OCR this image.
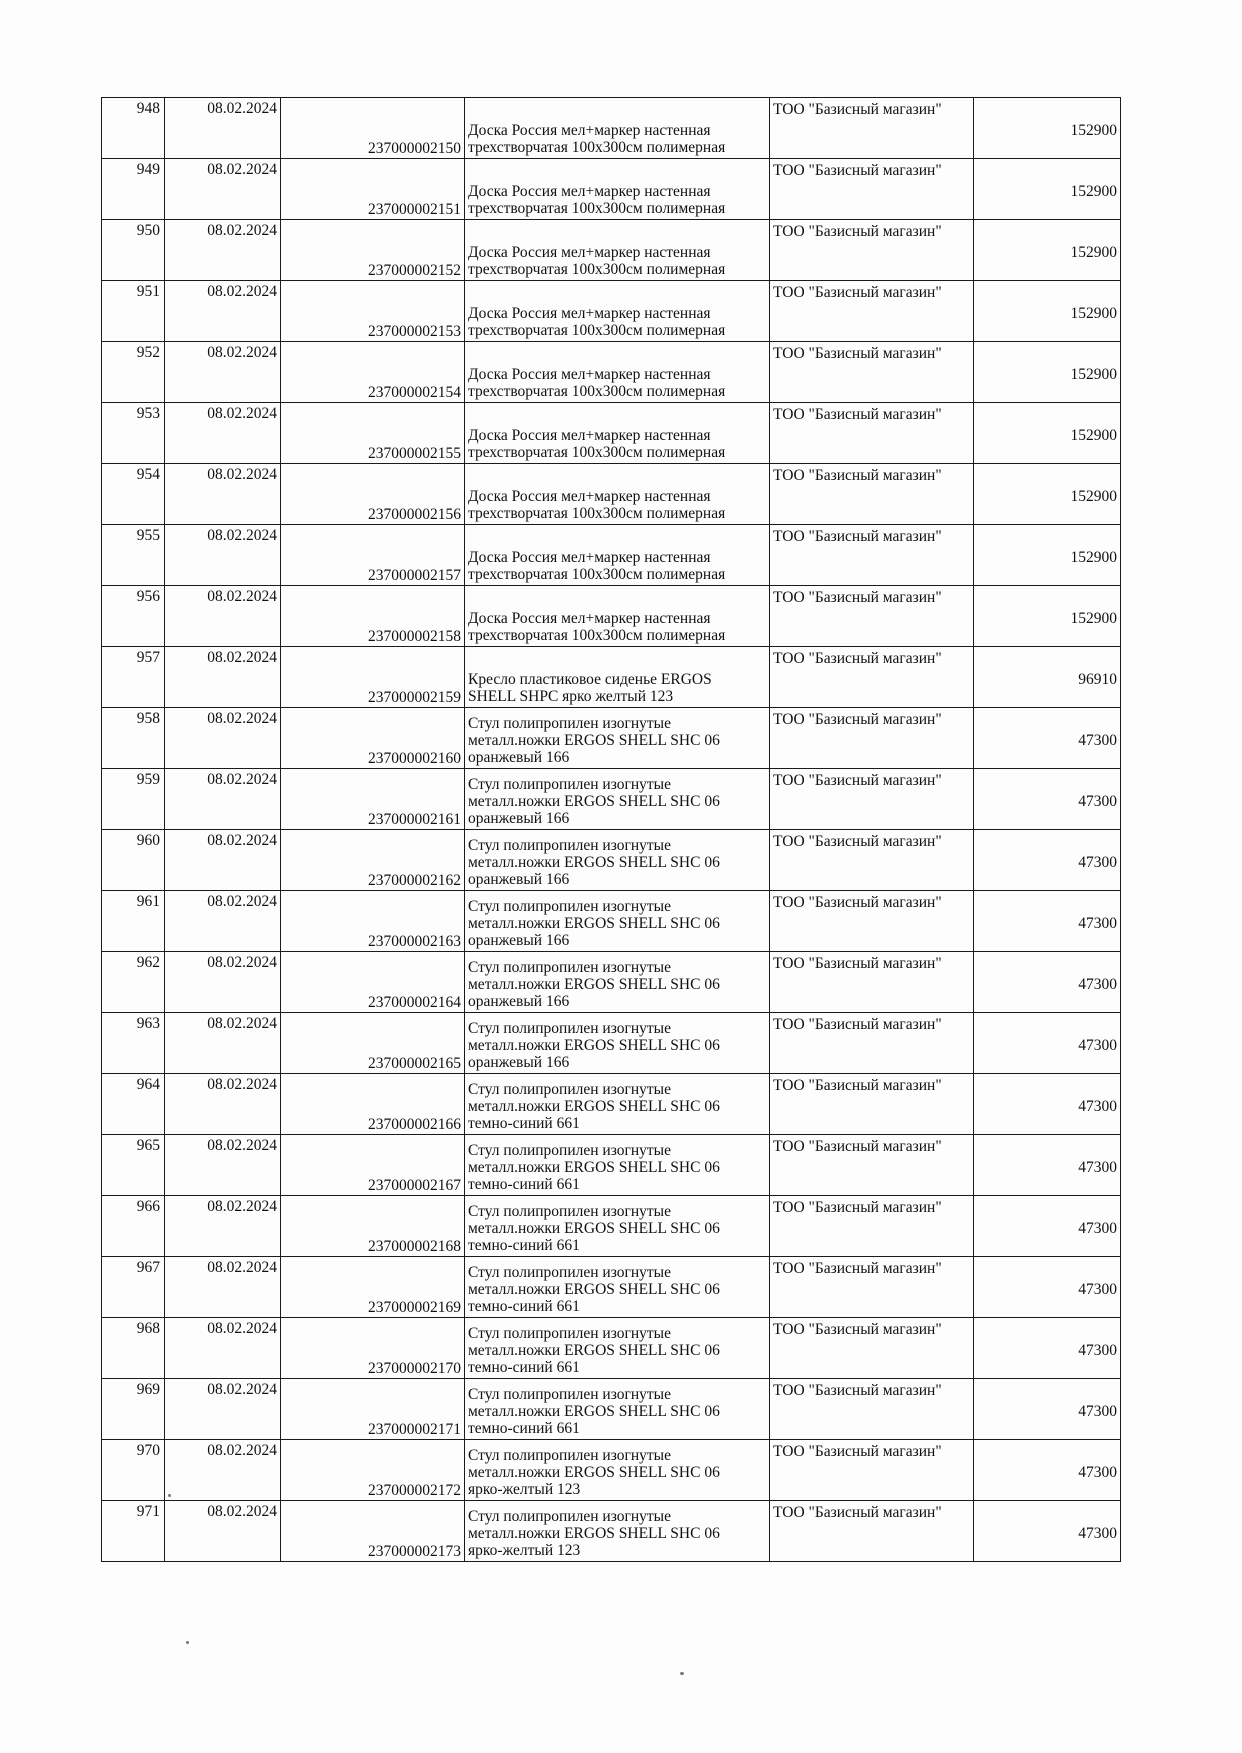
948	08.02.2024	237000002150	Доска Россия мел+маркер настенная
трехстворчатая 100x300см полимерная	ТОО "Базисный магазин"	152900
949	08.02.2024	237000002151	Доска Россия мел+маркер настенная
трехстворчатая 100x300см полимерная	ТОО "Базисный магазин"	152900
950	08.02.2024	237000002152	Доска Россия мел+маркер настенная
трехстворчатая 100x300см полимерная	ТОО "Базисный магазин"	152900
951	08.02.2024	237000002153	Доска Россия мел+маркер настенная
трехстворчатая 100x300см полимерная	ТОО "Базисный магазин"	152900
952	08.02.2024	237000002154	Доска Россия мел+маркер настенная
трехстворчатая 100x300см полимерная	ТОО "Базисный магазин"	152900
953	08.02.2024	237000002155	Доска Россия мел+маркер настенная
трехстворчатая 100x300см полимерная	ТОО "Базисный магазин"	152900
954	08.02.2024	237000002156	Доска Россия мел+маркер настенная
трехстворчатая 100x300см полимерная	ТОО "Базисный магазин"	152900
955	08.02.2024	237000002157	Доска Россия мел+маркер настенная
трехстворчатая 100x300см полимерная	ТОО "Базисный магазин"	152900
956	08.02.2024	237000002158	Доска Россия мел+маркер настенная
трехстворчатая 100x300см полимерная	ТОО "Базисный магазин"	152900
957	08.02.2024	237000002159	Кресло пластиковое сиденье ERGOS
SHELL SHPC ярко желтый 123	ТОО "Базисный магазин"	96910
958	08.02.2024	237000002160	Стул полипропилен изогнутые
металл.ножки ERGOS SHELL SHC 06
оранжевый 166	ТОО "Базисный магазин"	47300
959	08.02.2024	237000002161	Стул полипропилен изогнутые
металл.ножки ERGOS SHELL SHC 06
оранжевый 166	ТОО "Базисный магазин"	47300
960	08.02.2024	237000002162	Стул полипропилен изогнутые
металл.ножки ERGOS SHELL SHC 06
оранжевый 166	ТОО "Базисный магазин"	47300
961	08.02.2024	237000002163	Стул полипропилен изогнутые
металл.ножки ERGOS SHELL SHC 06
оранжевый 166	ТОО "Базисный магазин"	47300
962	08.02.2024	237000002164	Стул полипропилен изогнутые
металл.ножки ERGOS SHELL SHC 06
оранжевый 166	ТОО "Базисный магазин"	47300
963	08.02.2024	237000002165	Стул полипропилен изогнутые
металл.ножки ERGOS SHELL SHC 06
оранжевый 166	ТОО "Базисный магазин"	47300
964	08.02.2024	237000002166	Стул полипропилен изогнутые
металл.ножки ERGOS SHELL SHC 06
темно-синий 661	ТОО "Базисный магазин"	47300
965	08.02.2024	237000002167	Стул полипропилен изогнутые
металл.ножки ERGOS SHELL SHC 06
темно-синий 661	ТОО "Базисный магазин"	47300
966	08.02.2024	237000002168	Стул полипропилен изогнутые
металл.ножки ERGOS SHELL SHC 06
темно-синий 661	ТОО "Базисный магазин"	47300
967	08.02.2024	237000002169	Стул полипропилен изогнутые
металл.ножки ERGOS SHELL SHC 06
темно-синий 661	ТОО "Базисный магазин"	47300
968	08.02.2024	237000002170	Стул полипропилен изогнутые
металл.ножки ERGOS SHELL SHC 06
темно-синий 661	ТОО "Базисный магазин"	47300
969	08.02.2024	237000002171	Стул полипропилен изогнутые
металл.ножки ERGOS SHELL SHC 06
темно-синий 661	ТОО "Базисный магазин"	47300
970	08.02.2024	237000002172	Стул полипропилен изогнутые
металл.ножки ERGOS SHELL SHC 06
ярко-желтый 123	ТОО "Базисный магазин"	47300
971	08.02.2024	237000002173	Стул полипропилен изогнутые
металл.ножки ERGOS SHELL SHC 06
ярко-желтый 123	ТОО "Базисный магазин"	47300
